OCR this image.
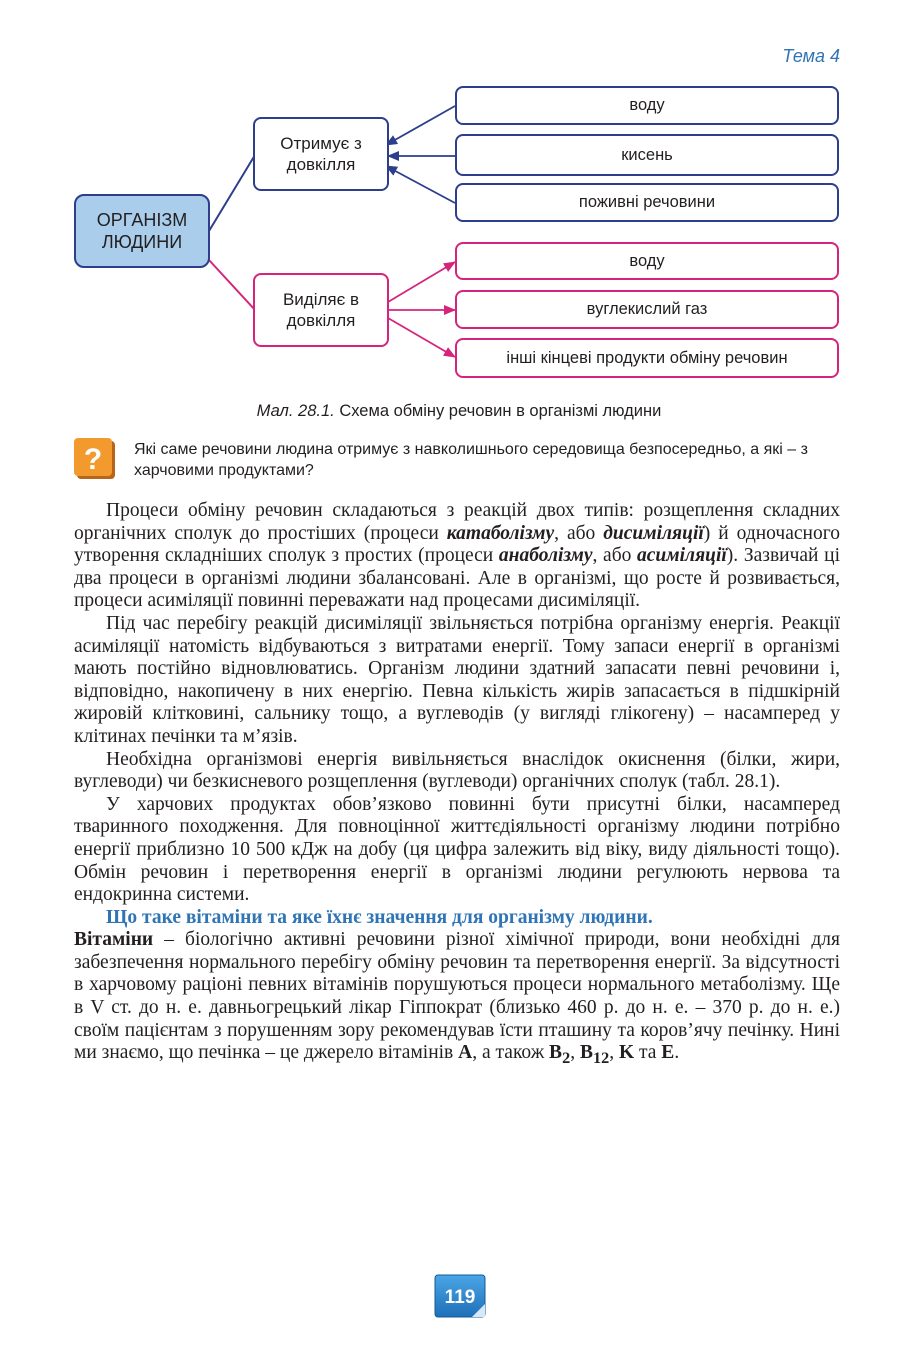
Тема 4
ОРГАНІЗМ ЛЮДИНИ
Отримує з довкілля
Виділяє в довкілля
воду
кисень
поживні речовини
воду
вуглекислий газ
інші кінцеві продукти обміну речовин
Мал. 28.1. Схема обміну речовин в організмі людини
? Які саме речовини людина отримує з навколишнього середовища безпосередньо, а які – з харчовими продуктами?

Процеси обміну речовин складаються з реакцій двох типів: розщеплення складних органічних сполук до простіших (процеси катаболізму, або дисиміляції) й одночасного утворення складніших сполук з простих (процеси анаболізму, або асиміляції). Зазвичай ці два процеси в організмі людини збалансовані. Але в організмі, що росте й розвивається, процеси асиміляції повинні переважати над процесами дисиміляції.

Під час перебігу реакцій дисиміляції звільняється потрібна організму енергія. Реакції асиміляції натомість відбуваються з витратами енергії. Тому запаси енергії в організмі мають постійно відновлюватись. Організм людини здатний запасати певні речовини і, відповідно, накопичену в них енергію. Певна кількість жирів запасається в підшкірній жировій клітковині, сальнику тощо, а вуглеводів (у вигляді глікогену) – насамперед у клітинах печінки та м’язів.

Необхідна організмові енергія вивільняється внаслідок окиснення (білки, жири, вуглеводи) чи безкисневого розщеплення (вуглеводи) органічних сполук (табл. 28.1).

У харчових продуктах обов’язково повинні бути присутні білки, насамперед тваринного походження. Для повноцінної життєдіяльності організму людини потрібно енергії приблизно 10 500 кДж на добу (ця цифра залежить від віку, виду діяльності тощо). Обмін речовин і перетворення енергії в організмі людини регулюють нервова та ендокринна системи.

Що таке вітаміни та яке їхнє значення для організму людини.

Вітаміни – біологічно активні речовини різної хімічної природи, вони необхідні для забезпечення нормального перебігу обміну речовин та перетворення енергії. За відсутності в харчовому раціоні певних вітамінів порушуються процеси нормального метаболізму. Ще в V ст. до н. е. давньогрецький лікар Гіппократ (близько 460 р. до н. е. – 370 р. до н. е.) своїм пацієнтам з порушенням зору рекомендував їсти пташину та коров’ячу печінку. Нині ми знаємо, що печінка – це джерело вітамінів A, а також $B_2$, $B_{12}$, K та E.

119
